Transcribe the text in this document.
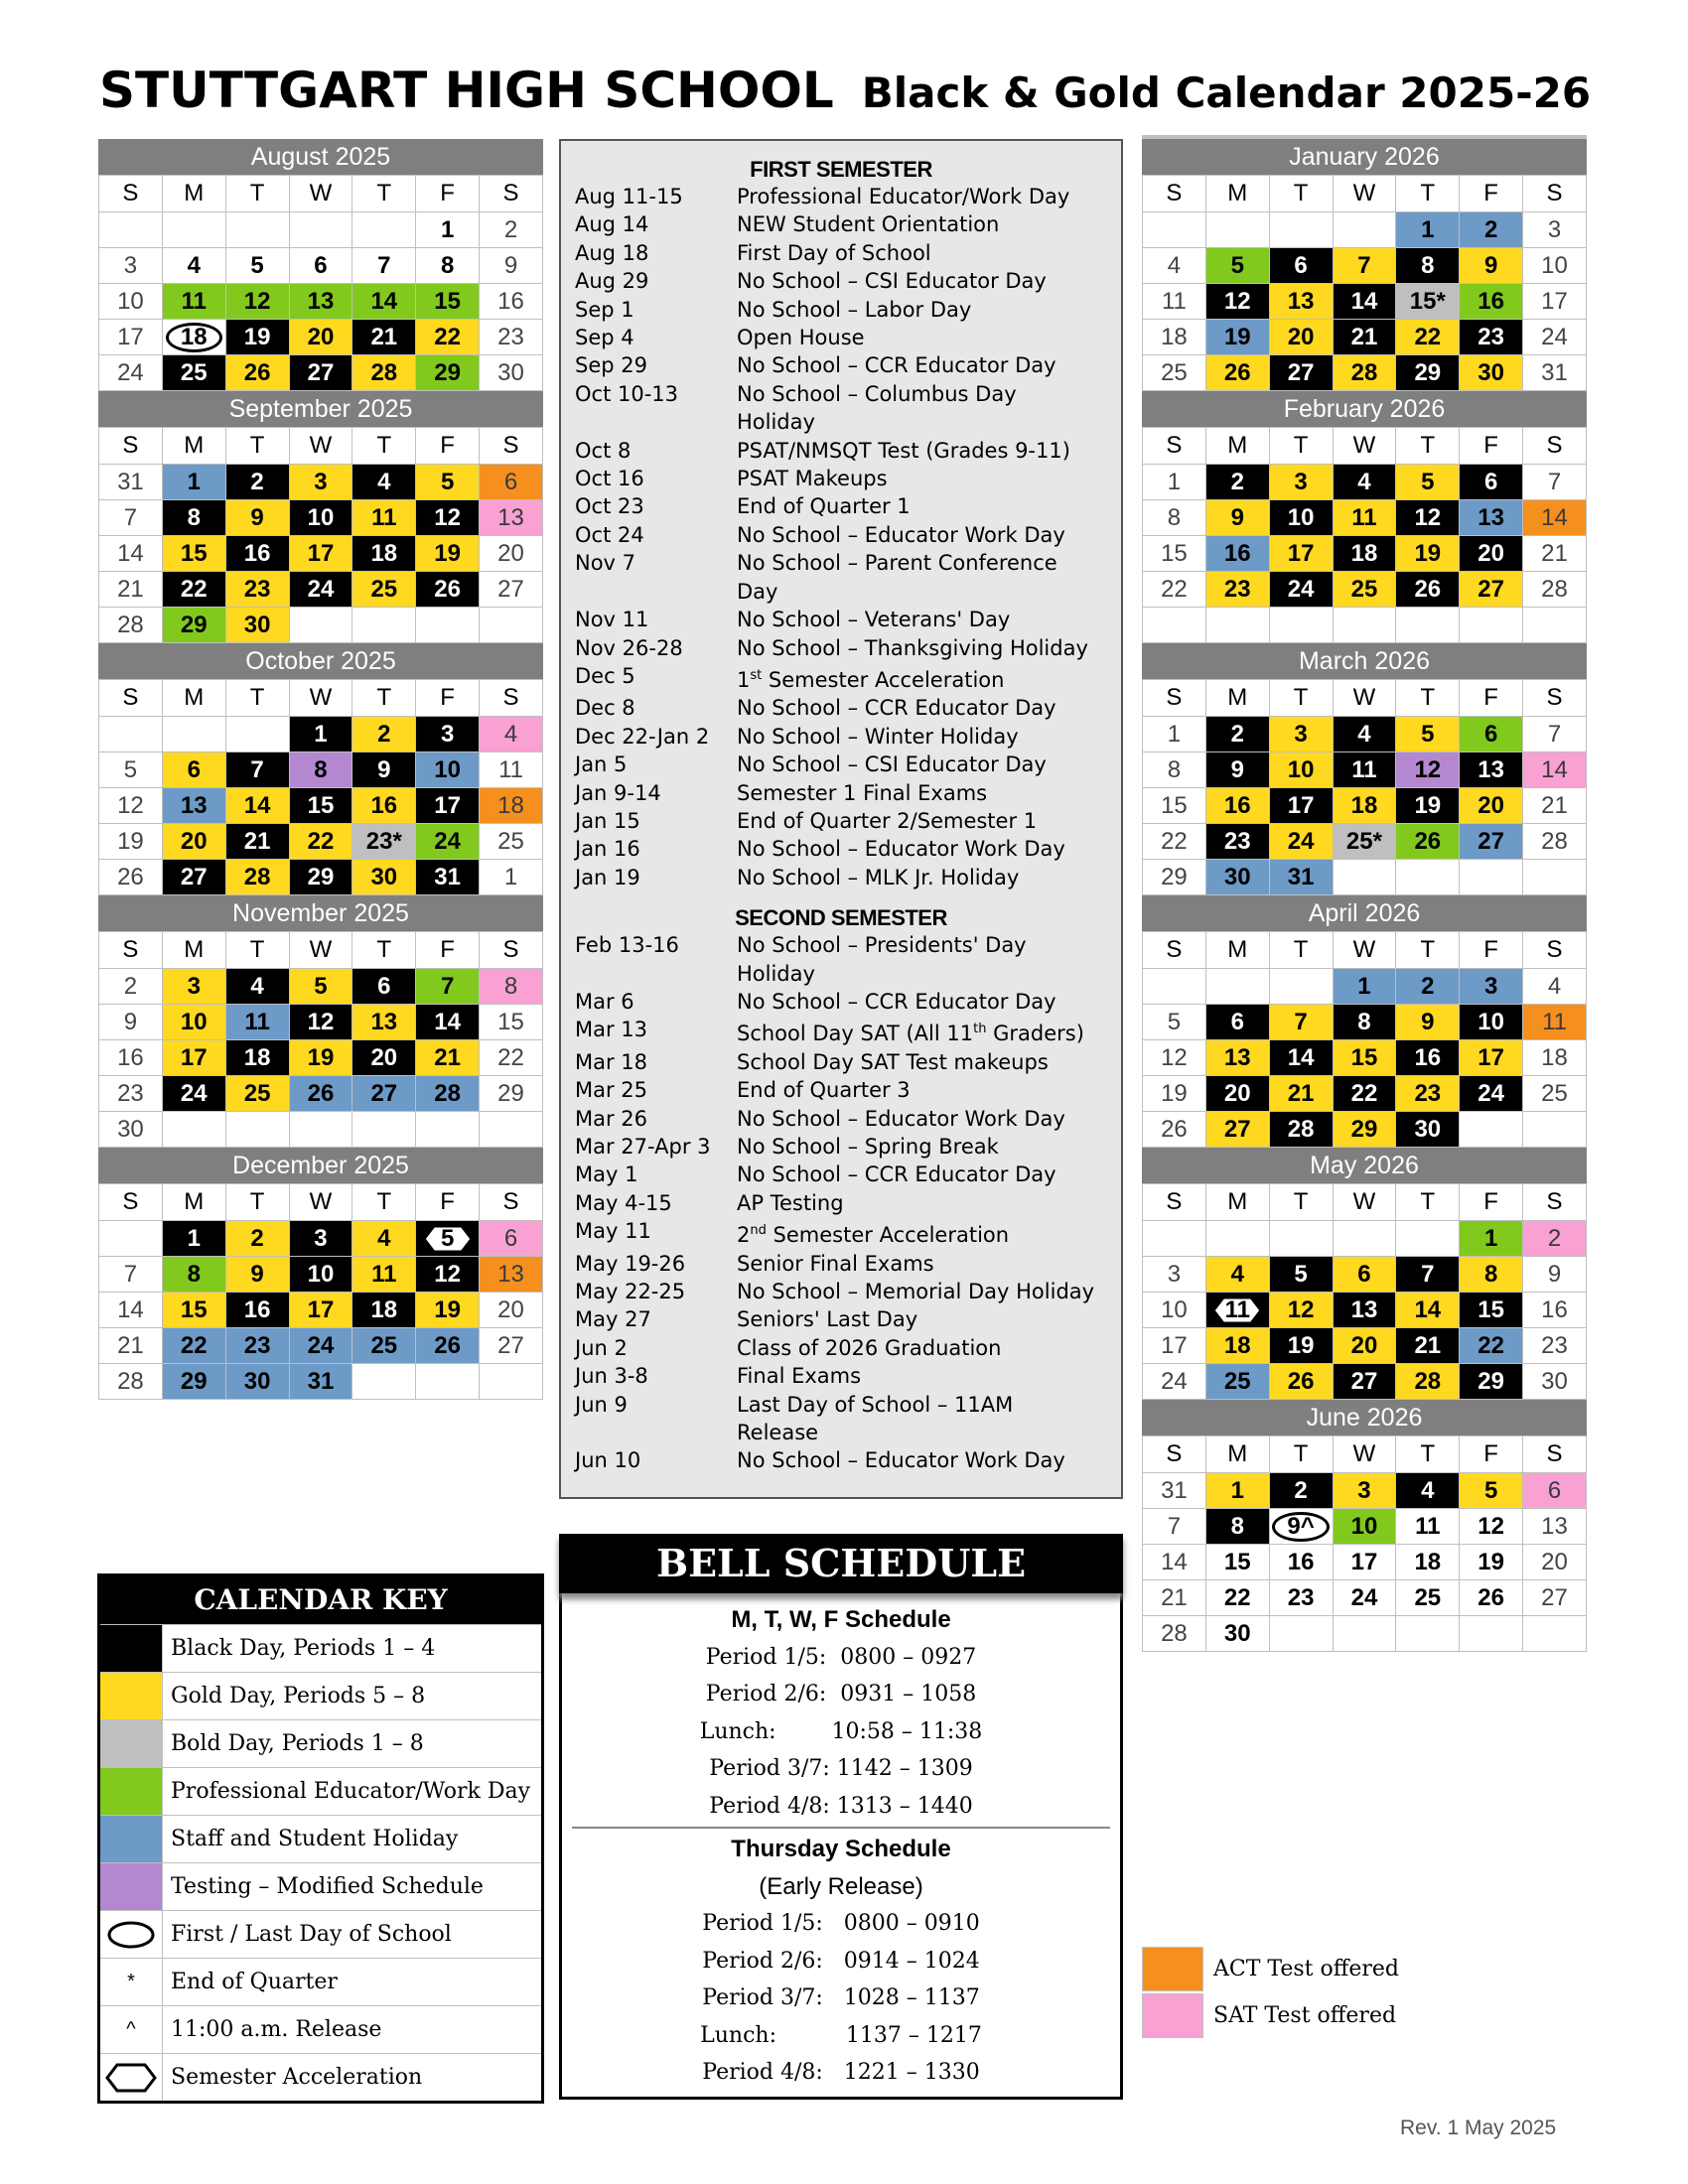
STUTTGART HIGH SCHOOL Black & Gold Calendar 2025-26
August 2025
S	M	T	W	T	F	S
					1	2
3	4	5	6	7	8	9
10	11	12	13	14	15	16
17	18	19	20	21	22	23
24	25	26	27	28	29	30
September 2025
S	M	T	W	T	F	S
31	1	2	3	4	5	6
7	8	9	10	11	12	13
14	15	16	17	18	19	20
21	22	23	24	25	26	27
28	29	30				
October 2025
S	M	T	W	T	F	S
			1	2	3	4
5	6	7	8	9	10	11
12	13	14	15	16	17	18
19	20	21	22	23*	24	25
26	27	28	29	30	31	1
November 2025
S	M	T	W	T	F	S
2	3	4	5	6	7	8
9	10	11	12	13	14	15
16	17	18	19	20	21	22
23	24	25	26	27	28	29
30						
December 2025
S	M	T	W	T	F	S
	1	2	3	4	5	6
7	8	9	10	11	12	13
14	15	16	17	18	19	20
21	22	23	24	25	26	27
28	29	30	31			
January 2026
S	M	T	W	T	F	S
				1	2	3
4	5	6	7	8	9	10
11	12	13	14	15*	16	17
18	19	20	21	22	23	24
25	26	27	28	29	30	31
February 2026
S	M	T	W	T	F	S
1	2	3	4	5	6	7
8	9	10	11	12	13	14
15	16	17	18	19	20	21
22	23	24	25	26	27	28

March 2026
S	M	T	W	T	F	S
1	2	3	4	5	6	7
8	9	10	11	12	13	14
15	16	17	18	19	20	21
22	23	24	25*	26	27	28
29	30	31				
April 2026
S	M	T	W	T	F	S
			1	2	3	4
5	6	7	8	9	10	11
12	13	14	15	16	17	18
19	20	21	22	23	24	25
26	27	28	29	30		
May 2026
S	M	T	W	T	F	S
					1	2
3	4	5	6	7	8	9
10	11	12	13	14	15	16
17	18	19	20	21	22	23
24	25	26	27	28	29	30
June 2026
S	M	T	W	T	F	S
31	1	2	3	4	5	6
7	8	9^	10	11	12	13
14	15	16	17	18	19	20
21	22	23	24	25	26	27
28	30					
FIRST SEMESTER
Aug 11-15	Professional Educator/Work Day
Aug 14	NEW Student Orientation
Aug 18	First Day of School
Aug 29	No School – CSI Educator Day
Sep 1	No School – Labor Day
Sep 4	Open House
Sep 29	No School – CCR Educator Day
Oct 10-13	No School – Columbus Day
Holiday
Oct 8	PSAT/NMSQT Test (Grades 9-11)
Oct 16	PSAT Makeups
Oct 23	End of Quarter 1
Oct 24	No School – Educator Work Day
Nov 7	No School – Parent Conference
Day
Nov 11	No School – Veterans' Day
Nov 26-28	No School – Thanksgiving Holiday
Dec 5	1st Semester Acceleration
Dec 8	No School – CCR Educator Day
Dec 22-Jan 2	No School – Winter Holiday
Jan 5	No School – CSI Educator Day
Jan 9-14	Semester 1 Final Exams
Jan 15	End of Quarter 2/Semester 1
Jan 16	No School – Educator Work Day
Jan 19	No School – MLK Jr. Holiday
SECOND SEMESTER
Feb 13-16	No School – Presidents' Day
Holiday
Mar 6	No School – CCR Educator Day
Mar 13	School Day SAT (All 11th Graders)
Mar 18	School Day SAT Test makeups
Mar 25	End of Quarter 3
Mar 26	No School – Educator Work Day
Mar 27-Apr 3	No School – Spring Break
May 1	No School – CCR Educator Day
May 4-15	AP Testing
May 11	2nd Semester Acceleration
May 19-26	Senior Final Exams
May 22-25	No School – Memorial Day Holiday
May 27	Seniors' Last Day
Jun 2	Class of 2026 Graduation
Jun 3-8	Final Exams
Jun 9	Last Day of School – 11AM
Release
Jun 10	No School – Educator Work Day
BELL SCHEDULE
M, T, W, F Schedule
Period 1/5:  0800 – 0927
Period 2/6:  0931 – 1058
Lunch:        10:58 – 11:38
Period 3/7: 1142 – 1309
Period 4/8: 1313 – 1440
Thursday Schedule
(Early Release)
Period 1/5:   0800 – 0910
Period 2/6:   0914 – 1024
Period 3/7:   1028 – 1137
Lunch:          1137 – 1217
Period 4/8:   1221 – 1330
CALENDAR KEY
Black Day, Periods 1 – 4
Gold Day, Periods 5 – 8
Bold Day, Periods 1 – 8
Professional Educator/Work Day
Staff and Student Holiday
Testing – Modified Schedule
First / Last Day of School
*	End of Quarter
^	11:00 a.m. Release
Semester Acceleration
ACT Test offered
SAT Test offered
Rev. 1 May 2025
